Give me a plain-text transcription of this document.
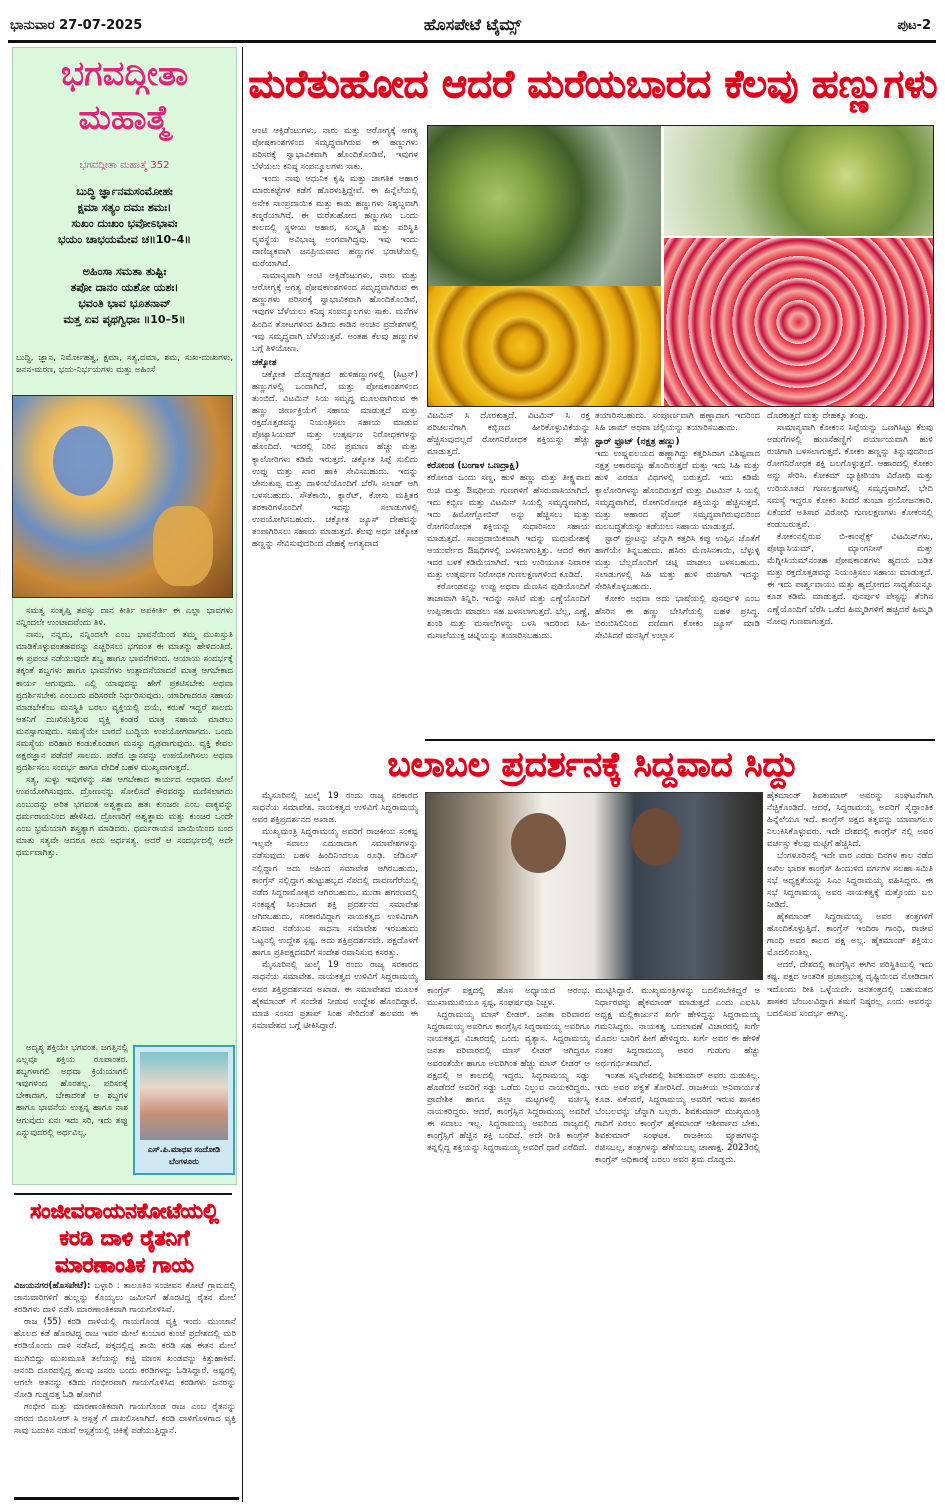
ಭಾನುವಾರ 27-07-2025	ಹೊಸಪೇಟೆ ಟೈಮ್ಸ್	ಪುಟ-2
ಭಗವದ್ಗೀತಾ
ಮಹಾತ್ಮೆ
ಭಗವದ್ಗೀತಾ ಮಹಾತ್ಮೆ 352
ಬುದ್ಧಿ ರ್ಜ್ಞಾನಮಸಂಮೋಹಃ
ಕ್ಷಮಾ ಸತ್ಯಂ ದಮಃ ಶಮಃ।
ಸುಖಂ ದುಃಖಂ ಭವೋಽಭಾವಃ
ಭಯಂ ಚಾಭಯಮೇವ ಚ॥10–4॥
ಅಹಿಂಸಾ ಸಮತಾ ತುಷ್ಟಿಃ
ತಪೋ ದಾನಂ ಯಶೋ ಯಶಃ।
ಭವಂತಿ ಭಾವ ಭೂತನಾವ್
ಮತ್ತ ಏವ ಪೃಥಗ್ವಿಧಾಃ ॥10–5॥

ಬುದ್ಧಿ, ಜ್ಞಾನ, ನಿರ್ಮೋಹತ್ವ, ಕ್ಷಮಾ, ಸತ್ಯ,ದಮಾ, ಶಮ, ಸುಖ-ದುಃಖಗಳು, ಜನನ-ಮರಣ, ಭಯ-ನಿರ್ಭಯಗಳು ಮತ್ತು ಅಹಿಂಸೆ

ಸಮತ್ವ ಸಂತೃಪ್ತಿ ತಪಸ್ಸು ದಾನ ಕೀರ್ತಿ ಅಪಕೀರ್ತಿ ಈ ಎಲ್ಲಾ ಭಾವಗಳು ನನ್ನಿಂದಲೇ ಉಂಟಾದವೆಂದು ತಿಳಿ.

ನಾನು, ನನ್ನದು, ನನ್ನಿಂದಲೇ ಎಂಬ ಭಾವನೆಯಿಂದ ತಮ್ಮ ಮುಖಸ್ತುತಿ ಮಾಡಿಕೊಳ್ಳುವಂತಹವರನ್ನು ಎಚ್ಚರಿಸಲು ಭಗವಂತ ಈ ಮಾತನ್ನು ಹೇಳಿದಂತಿದೆ. ಈ ಪ್ರಪಂಚ ನಡೆಯುವುದೇ ಶಬ್ದ ಹಾಗೂ ಭಾವನೆಗಳಿಂದ. ಆಯಾಯ ಸಂದರ್ಭಕ್ಕೆ ತಕ್ಕಂತೆ ಶಬ್ದಗಳು ಹಾಗೂ ಭಾವನೆಗಳು ಉತ್ಪಾದನೆಯಾದರೆ ಮಾತ್ರ ಆಗಬೇಕಾದ ಕಾರ್ಯ ಆಗುವುದು. ಎಲ್ಲಿ ಯಾವುದನ್ನು ಹೇಗೆ ಪ್ರಕಟಿಸಬೇಕು ಅಥವಾ ಪ್ರದರ್ಶಿಸಬೇಕು ಎಂಬುದು ಪರಿಸರವೇ ನಿರ್ಧರಿಸುವುದು. ಯಾರಿಗಾದರೂ ಸಹಾಯ ಮಾಡಬೇಕೆಂಬ ಮನಸ್ಥಿತಿ ಬರಲು ವ್ಯಕ್ತಿಯಲ್ಲಿ ದಯೆ, ಕರುಣೆ ಇದ್ದರೆ ಸಾಲದು ಆತನಿಗೆ ದುಃಖಿಸುತ್ತಿರುವ ವ್ಯಕ್ತಿ ಕಂಡರೆ ಮಾತ್ರ ಸಹಾಯ ಮಾಡಲು ಮನಸ್ಸಾಗುವುದು. ಸಮಸ್ಯೆಯೇ ಬಾರದೆ ಬುದ್ಧಿಯ ಉಪಯೋಗವಾಗದು. ಒಂದು ಸಮಸ್ಯೆಯ ಪರಿಹಾರ ಕಂಡುಕೊಂಡಾಗ ಮನಸ್ಸು ದೃಢವಾಗುವುದು. ವ್ಯಕ್ತಿ ಕೇವಲ ಅಕ್ಷರಜ್ಞಾನ ಪಡೆದರೆ ಸಾಲದು. ಪಡೆದ ಜ್ಞಾನವನ್ನು ಉಪಯೋಗಿಸಲು ಅಥವಾ ಪ್ರದರ್ಶಿಸಲು ಸಂದರ್ಭ ಹಾಗೂ ವೇದಿಕೆ ಬಹಳ ಮುಖ್ಯವಾಗುತ್ತದೆ.

ಸತ್ಯ, ಸುಳ್ಳು ಇವುಗಳನ್ನು ಸಹ ಆಗಬೇಕಾದ ಕಾರ್ಯದ ಆಧಾರದ ಮೇಲೆ ಉಪಯೋಗಿಸುವುದು. ದ್ರೋಣನನ್ನು ಸೋಲಿಸದೆ ಕೌರವರನ್ನು ಮಣಿಸಲಾಗದು ಎಂಬುದನ್ನು ಅರಿತ ಭಗವಂತ ಅಶ್ವತ್ಥಾಮ ಹತಃ ಕುಂಜರಃ ಎಂಬ ವಾಕ್ಯವನ್ನು ಧರ್ಮರಾಯನಿಂದ ಹೇಳಿಸಿದ. ದ್ರೋಣರಿಗೆ ಅಶ್ವತ್ಥಾಮ ಮತ್ತು ಕುಂಜರ ಒಂದೇ ಎಂಬ ಭ್ರಮೆಯಾಗಿ ಶಸ್ತ್ರತ್ಯಾಗ ಮಾಡಿದರು. ಧರ್ಮರಾಯನ ಬಾಯಿಯಿಂದ ಬಂದ ಮಾತು ಸತ್ಯವೇ ಆದರೂ ಅದು ಅರ್ಧಸತ್ಯ. ಆದರೆ ಆ ಸಂದರ್ಭದಲ್ಲಿ ಅದೇ ಧರ್ಮವಾಗಿತ್ತು.

ಅದೃಶ್ಯ ಶಕ್ತಿಯೇ ಭಗವಂತ. ಜಗತ್ತಿನಲ್ಲಿ ಎಲ್ಲವೂ ಶಕ್ತಿಯ ರೂಪಾಂತರ. ಶಬ್ದಗಳಾಗಲಿ ಅಥವಾ ಕ್ರಿಯೆಯಾಗಲಿ ಇವುಗಳಿಂದ ಹೊರತಲ್ಲ. ಪರಿಸರಕ್ಕೆ ಬೇಕಾದಾಗ, ಬೇಕಾದಂತೆ ಆ ಶಬ್ದಗಳ ಹಾಗೂ ಭಾವನೆಯ ಉತ್ಪನ್ನ ಹಾಗೂ ನಾಶ ಆಗುವುದು ಏನಃ ಇದು ಸರಿ, ಇದು ತಪ್ಪು ಎನ್ನುವುದರಲ್ಲಿ ಅರ್ಥವಿಲ್ಲ.

ಎಸ್.ಪಿ.ಮಾಧವ ಸಂದೋಡಿ
ಬೆಂಗಳೂರು
ಸಂಜೀವರಾಯನಕೋಟೆಯಲ್ಲಿ
ಕರಡಿ ದಾಳಿ ರೈತನಿಗೆ
ಮಾರಣಾಂತಿಕ ಗಾಯ

ವಿಜಯನಗರ(ಹೊಸಪೇಟೆ): ಬಳ್ಳಾರಿ : ತಾಲೂಕಿನ ಸಂಜೀವನ ಕೋಟೆ ಗ್ರಾಮದಲ್ಲಿ ಜಾನುವಾರಿಗಳಿಗೆ ಹುಲ್ಲನ್ನು ಕೊಯ್ಯಲು ಜಮೀನಿಗೆ ಹೊರಟಿದ್ದ ರೈತನ ಮೇಲೆ ಕರಡಿಗಳು ದಾಳಿ ನಡೆಸಿ ಮಾರಣಾಂತಿಕವಾಗಿ ಗಾಯಗೊಳಿಸಿವೆ.

ರಾಜ (55) ಕರಡಿ ದಾಳಿಯಲ್ಲಿ ಗಾಯಗೊಂಡ ವ್ಯಕ್ತಿ ಇಂದು ಮುಂಜಾನೆ ಹೊಲದ ಕಡೆ ಹೊರಟಿದ್ದ ರಾಜ ಇವರ ಮೇಲೆ ಕುಂಬಾರ ಕುಂಟೆ ಪ್ರದೇಶದಲ್ಲಿ ಮರಿ ಕರಡಿಯೊಂದು ದಾಳಿ ನಡೆಸಿದೆ, ಪಕ್ಕದಲ್ಲಿದ್ದ ತಾಯಿ ಕರಡಿ ಸಹ ಈತನ ಮೇಲೆ ಮುಗಿಬಿದ್ದು ಮುಖಮೂತಿ ತಲೆಯನ್ನು ಕಚ್ಚಿ ಮಾಂಸ ಖಂಡವನ್ನು ಕಿತ್ತುಹಾಕಿವೆ. ಆನಂದಿ ದೂರದಲ್ಲಿದ್ದ ಹಲವು ಜನರು ಬಂದು ಕರಡಿಗಳನ್ನು ಓಡಿಸಿದ್ದಾರೆ. ಅಷ್ಟರಲ್ಲಿ ಆಗಲೇ ಆತನನ್ನು ಕಡಿದು ಗಂಭೀರವಾಗಿ ಗಾಯಗೊಳಿಸಿದ ಕರಡಿಗಳು ಜನರನ್ನು ನೋಡಿ ಗುಡ್ಡದತ್ತ ಓಡಿ ಹೋಗಿವೆ

ಗಂಭೀರ ಮತ್ತು ಮಾರಣಾಂತಿಕವಾಗಿ ಗಾಯಗೊಂಡ ರಾಜ ಎಂಬ ರೈತನನ್ನು ನಗರದ ಬಿಎಂಸಿಆರ್ ಸಿ ಆಸ್ಪತ್ರೆ ಗೆ ದಾಖಲಿಸಲಾಗಿದೆ. ಕರಡಿ ದಾಳಿಗೊಳಗಾದ ವ್ಯಕ್ತಿ ಸಾವು ಬದುಕಿನ ನಡುವೆ ಆಸ್ಪತ್ರೆಯಲ್ಲಿ ಚಿಕಿತ್ಸೆ ಪಡೆಯುತ್ತಿದ್ದಾನೆ.

ಮರೆತುಹೋದ ಆದರೆ ಮರೆಯಬಾರದ ಕೆಲವು ಹಣ್ಣುಗಳು

ಆಂಟಿ ಆಕ್ಸಿಡೆಂಟುಗಳು, ನಾರು ಮತ್ತು ಆರೋಗ್ಯಕ್ಕೆ ಅಗತ್ಯ ಪೋಷಕಾಂಶಗಳಿಂದ ಸಮೃದ್ಧವಾಗಿರುವ ಈ ಹಣ್ಣುಗಳು ಪರಿಸರಕ್ಕೆ ಸ್ವಾಭಾವಿಕವಾಗಿ ಹೊಂದಿಕೊಂಡಿವೆ, ಇವುಗಳ ಬೆಳೆಯಲು ಕನಿಷ್ಠ ಸಂಪನ್ಮೂಲಗಳು ಸಾಕು.

ಇಂದು ನಾವು ಆಧುನಿಕ ಕೃಷಿ ಮತ್ತು ಜಾಗತಿಕ ಆಹಾರ ಮಾರುಕಟ್ಟೆಗಳ ಕಡೆಗೆ ಹೊರಳುತ್ತಿದ್ದೇವೆ. ಈ ಹಿನ್ನೆಲೆಯಲ್ಲಿ ಅನೇಕ ಸಾಂಪ್ರದಾಯಿಕ ಮತ್ತು ಕಾಡು ಹಣ್ಣುಗಳು ನಿಶ್ಶಬ್ದವಾಗಿ ಕಣ್ಮರೆಯಾಗಿವೆ. ಈ ಮರೆತುಹೋದ ಹಣ್ಣುಗಳು ಒಂದು ಕಾಲದಲ್ಲಿ ಸ್ಥಳೀಯ ಆಹಾರ, ಸಂಸ್ಕೃತಿ ಮತ್ತು ಪರಿಸ್ಥಿತಿ ವ್ಯವಸ್ಥೆಯ ಅವಿಭಾಜ್ಯ ಅಂಗವಾಗಿದ್ದವು. ಇವು ಇಂದು ವಾಣಿಜ್ಯಕವಾಗಿ ಜನಪ್ರಿಯವಾದ ಹಣ್ಣುಗಳ ಭರಾಟೆಯಲ್ಲಿ ಮರೆಯಾಗಿವೆ.

ಸಾಮಾನ್ಯವಾಗಿ ಆಂಟಿ ಆಕ್ಸಿಡೆಂಟುಗಳು, ನಾರು ಮತ್ತು ಆರೋಗ್ಯಕ್ಕೆ ಅಗತ್ಯ ಪೋಷಕಾಂಶಗಳಿಂದ ಸಮೃದ್ಧವಾಗಿರುವ ಈ ಹಣ್ಣುಗಳು ಪರಿಸರಕ್ಕೆ ಸ್ವಾಭಾವಿಕವಾಗಿ ಹೊಂದಿಕೊಂಡಿವೆ, ಇವುಗಳ ಬೆಳೆಯಲು ಕನಿಷ್ಠ ಸಂಪನ್ಮೂಲಗಳು ಸಾಕು. ಮನೆಗಳ ಹಿಂದಿನ ತೋಟಗಳಿಂದ ಹಿಡಿದು ಕಾಡಿನ ಅಂಚಿನ ಪ್ರದೇಶಗಳಲ್ಲಿ ಇವು ಸಮೃದ್ಧವಾಗಿ ಬೆಳೆಯುತ್ತವೆ. ಅಂತಹ ಕೆಲವು ಹಣ್ಣುಗಳ ಬಗ್ಗೆ ತಿಳಿಯೋಣ.

ಚಕ್ಕೋತ

ಚಕ್ಕೋತ ದೊಡ್ಡಗಾತ್ರದ ಹುಳಿಹಣ್ಣುಗಳಲ್ಲಿ (ಸಿಟ್ರಸ್) ಹಣ್ಣುಗಳಲ್ಲಿ ಒಂದಾಗಿದೆ, ಮತ್ತು ಪೋಷಕಾಂಶಗಳಿಂದ ತುಂಬಿದೆ. ವಿಟಮಿನ್ ಸಿಯ ಸಮೃದ್ಧ ಮೂಲವಾಗಿರುವ ಈ ಹಣ್ಣು ಜೀರ್ಣಕ್ರಿಯೆಗೆ ಸಹಾಯ ಮಾಡುತ್ತದೆ ಮತ್ತು ರಕ್ತದೊತ್ತಡವನ್ನು ನಿಯಂತ್ರಿಸಲು ಸಹಾಯ ಮಾಡುವ ಪೊಟ್ಯಾಸಿಯಮ್ ಮತ್ತು ಉತ್ಕರ್ಷಣ ನಿರೋಧಕಗಳನ್ನು ಹೊಂದಿದೆ. ಇದರಲ್ಲಿ ನಿರಿನ ಪ್ರಮಾಣ ಹೆಚ್ಚು ಮತ್ತು ಕ್ಯಾಲೋರಿಗಳು ಕಡಿಮೆ ಇರುತ್ತದೆ. ಚಕ್ಕೋತ ಸಿಪ್ಪೆ ಸುಲಿದು ಉಪ್ಪು ಮತ್ತು ಖಾರ ಹಾಕಿ ಸೇವಿಸಬಹುದು. ಇದನ್ನು ಜೇನುತುಪ್ಪ ಮತ್ತು ದಾಳಿಂಬೆಯೊಂದಿಗೆ ಬೆರೆಸಿ ಸಲಾಡ್ ಆಗಿ ಬಳಸಬಹುದು. ಸೌತೆಕಾಯಿ, ಕ್ಯಾರೆಟ್, ಕೋಸು ಮತ್ತಿತರ ತರಕಾರಿಗಳೊಂದಿಗೆ ಇದನ್ನು ಸಲಾಡುಗಳಲ್ಲಿ ಉಪಯೋಗಿಸಬಹುದು. ಚಕ್ಕೋತ ಜ್ಯೂಸ್ ದೇಹವನ್ನು ತಂಪಾಗಿರಿಸಲು ಸಹಾಯ ಮಾಡುತ್ತದೆ. ಕೆಲವು ಅರ್ಧ ಚಕ್ಕೋತ ಹಣ್ಣನ್ನು ಸೇವಿಸುವುದರಿಂದ ದೇಹಕ್ಕೆ ಅಗತ್ಯವಾದ

ವಿಟಮಿನ್ ಸಿ ದೊರಕುತ್ತದೆ. ವಿಟಮಿನ್ ಸಿ ರಕ್ತ ಪರಿಚಲನೆಗಾಗಿ ಕಬ್ಬಿಣದ ಹೀರಿಕೊಳ್ಳುವಿಕೆಯನ್ನು ಹೆಚ್ಚಿಸುವುದಲ್ಲದೆ ರೋಗನಿರೋಧಕ ಶಕ್ತಿಯನ್ನು ಹೆಚ್ಚು ಮಾಡುತ್ತದೆ.

ಕರೋಂಡ (ಬಂಗಾಳ ಒಣದ್ರಾಕ್ಷಿ)

ಕರೋಂಡ ಒಂದು ಸಣ್ಣ, ಹುಳಿ ಹಣ್ಣು ಮತ್ತು ತೀಕ್ಷ್ಣವಾದ ರುಚಿ ಮತ್ತು ಔಷಧೀಯ ಗುಣಗಳಿಗೆ ಹೆಸರುವಾಸಿಯಾಗಿದೆ. ಇದು ಕಬ್ಬಿಣ ಮತ್ತು ವಿಟಮಿನ್ ಸಿಯಲ್ಲಿ ಸಮೃದ್ಧವಾಗಿದೆ, ಇದು ಹಿಮೋಗ್ಲೋಬಿನ್ ಅನ್ನು ಹೆಚ್ಚಿಸಲು ಮತ್ತು ರೋಗನಿರೋಧಕ ಶಕ್ತಿಯನ್ನು ಸುಧಾರಿಸಲು ಸಹಾಯ ಮಾಡುತ್ತದೆ. ಸಾಂಪ್ರದಾಯಿಕವಾಗಿ ಇದನ್ನು ಮಧುಮೇಹಕ್ಕೆ ಆಯುರ್ವೇದ ಔಷಧಿಗಳಲ್ಲಿ ಬಳಸಲಾಗುತ್ತಿತ್ತು. ಆದರೆ ಈಗ ಇದರ ಬಳಕೆ ಕಡಿಮೆಯಾಗಿದೆ. ಇದು ಉರಿಯೂತ ನಿವಾರಕ ಮತ್ತು ಉತ್ಕರ್ಷಣ ನಿರೋಧಕ ಗುಣಲಕ್ಷಣಗಳಿಂದ ಕೂಡಿದೆ.

ಕರೋಂಡವನ್ನು ಉಪ್ಪು ಅಥವಾ ಮೆಣಸಿನ ಪುಡಿಯೊಂದಿಗೆ ತಾಜಾವಾಗಿ ತಿನ್ನಿರಿ. ಇದನ್ನು ಸಾಸಿವೆ ಮತ್ತು ಎಣ್ಣೆಯೊಂದಿಗೆ ಉಪ್ಪಿನಕಾಯಿ ಮಾಡಲು ಸಹ ಬಳಸಲಾಗುತ್ತದೆ. ಬೆಲ್ಲ, ಎಣ್ಣೆ, ಶುಂಠಿ ಮತ್ತು ಮಸಾಲೆಗಳನ್ನು ಬಳಸಿ ಇದರಿಂದ ಸಿಹಿ-ಮಸಾಲೆಯುಕ್ತ ಚಟ್ನಿಯನ್ನು ತಯಾರಿಸಬಹುದು.

ತಯಾರಿಸಬಹುದು. ಸಂಪೂರ್ಣವಾಗಿ ಹಣ್ಣಾದಾಗ ಇದರಿಂದ ಸಿಹಿ ಜಾಮ್ ಅಥವಾ ಜೆಲ್ಲಿಯನ್ನು ತಯಾರಿಸಬಹುದು.

ಸ್ಟಾರ್ ಫ್ರೂಟ್ (ನಕ್ಷತ್ರ ಹಣ್ಣು)

ಇದು ಉಷ್ಣವಲಯದ ಹಣ್ಣಾಗಿದ್ದು ಕತ್ತರಿಸಿದಾಗ ವಿಶಿಷ್ಟವಾದ ನಕ್ಷತ್ರ ಆಕಾರವನ್ನು ಹೊಂದಿರುತ್ತದೆ ಮತ್ತು ಇದು ಸಿಹಿ ಮತ್ತು ಹುಳಿ ಎರಡೂ ವಿಧಗಳಲ್ಲಿ ಬರುತ್ತದೆ. ಇದು ಕಡಿಮೆ ಕ್ಯಾಲೋರಿಗಳನ್ನು ಹೊಂದಿರುತ್ತದೆ ಮತ್ತು ವಿಟಮಿನ್ ಸಿ ಯಲ್ಲಿ ಸಮೃದ್ಧವಾಗಿದೆ, ರೋಗನಿರೋಧಕ ಶಕ್ತಿಯನ್ನು ಹೆಚ್ಚಿಸುತ್ತದೆ. ಮತ್ತು ಆಹಾರದ ಫೈಬರ್ ಸಮೃದ್ಧವಾಗಿರುವುದರಿಂದ ಮಲಬದ್ಧತೆಯನ್ನು ತಡೆಯಲು ಸಹಾಯ ಮಾಡುತ್ತದೆ.

ಸ್ಟಾರ್ ಫ್ರೂಟನ್ನು ಚೆನ್ನಾಗಿ ಕತ್ತರಿಸಿ ಕಪ್ಪು ಉಪ್ಪಿನ ಜೊತೆಗೆ ಹಾಗೆಯೇ ತಿನ್ನಬಹುದು. ಹಸಿರು ಮೆಣಸಿನಕಾಯಿ, ಬೆಳ್ಳುಳ್ಳಿ ಮತ್ತು ಬೆಲ್ಲದೊಂದಿಗೆ ಚಟ್ನಿ ಮಾಡಲು ಬಳಸಬಹುದು. ಸಲಾಡುಗಳಲ್ಲಿ ಸಿಹಿ ಮತ್ತು ಹುಳಿ ರುಚಿಗಾಗಿ ಇದನ್ನು ಸೇರಿಸಿಕೊಳ್ಳಬಹುದು.

ಕೋಕಂ ಅಥವಾ ಅದು ಭಾಷೆಯಲ್ಲಿ ಪುನರ್ಪುಳಿ ಎಂಬ ಹೆಸರಿನ ಈ ಹಣ್ಣು ಬೇಸಿಗೆಯಲ್ಲಿ ಬಹಳ ಪ್ರಸಿದ್ಧ. ಬಿರುಬಿಸಿಲಿನಿಂದ ದಣಿದಾಗ ಕೋಕಂ ಜ್ಯೂಸ್ ಮಾಡಿ ಸೇವಿಸಿದರೆ ಮನಸ್ಸಿಗೆ ಉಲ್ಲಾಸ

ದೊರಕುತ್ತದೆ ಮತ್ತು ದೇಹಕ್ಕೂ ತಂಪು.

ಸಾಮಾನ್ಯವಾಗಿ ಕೋಕಂನ ಸಿಪ್ಪೆಯನ್ನು ಒಣಗಿಸಿಟ್ಟು ಕೆಲವು ಅಡುಗೆಗಳಲ್ಲಿ ಹುಣಸೆಹಣ್ಣಿಗೆ ಪರ್ಯಾಯವಾಗಿ ಹುಳಿ ರುಚಿಗಾಗಿ ಬಳಸಲಾಗುತ್ತದೆ. ಕೋಕಂ ಹಣ್ಣನ್ನು ತಿನ್ನುವುದರಿಂದ ರೋಗನಿರೋಧಕ ಶಕ್ತಿ ಬಲಗೊಳ್ಳುತ್ತದೆ. ಆಹಾರದಲ್ಲಿ ಕೋಕಂ ಅನ್ನು ಸೇರಿಸಿ. ಕೋಕಮ್ ಬ್ಯಾಕ್ಟೀರಿಯಾ ವಿರೋಧಿ ಮತ್ತು ಉರಿಯೂತದ ಗುಣಲಕ್ಷಣಗಳಲ್ಲಿ ಸಮೃದ್ಧವಾಗಿದೆ. ಭೇದಿ ಸಮಸ್ಯೆ ಇದ್ದರೂ ಕೋಕಂ ತಿಂದರೆ ತುಂಬಾ ಪ್ರಯೋಜನಕಾರಿ. ಏಕೆಂದರೆ ಅತಿಸಾರ ವಿರೋಧಿ ಗುಣಲಕ್ಷಣಗಳು ಕೋಕಂನಲ್ಲಿ ಕಂಡುಬರುತ್ತವೆ.

ಕೋಕಂನಲ್ಲಿರುವ ಬಿ-ಕಾಂಪ್ಲೆಕ್ಸ್ ವಿಟಮಿನ್‌ಗಳು, ಪೊಟ್ಯಾಸಿಯಮ್, ಮ್ಯಾಂಗನೀಸ್ ಮತ್ತು ಮೆಗ್ನೀಸಿಯಮ್‌ನಂತಹ ಪೋಷಕಾಂಶಗಳು ಹೃದಯ ಬಡಿತ ಮತ್ತು ರಕ್ತದೊತ್ತಡವನ್ನು ನಿಯಂತ್ರಿಸಲು ಸಹಾಯ ಮಾಡುತ್ತದೆ. ಈ ಇದು ಪಾರ್ಶ್ವವಾಯು ಮತ್ತು ಹೃದ್ರೋಗದ ಸಾಧ್ಯತೆಯನ್ನೂ ಕೂಡ ಕಡಿಮೆ ಮಾಡುತ್ತದೆ. ಪುನರ್ಪುಳಿ ಪೇಸ್ಟನ್ನು ತೆಂಗಿನ ಎಣ್ಣೆಯೊಂದಿಗೆ ಬೆರೆಸಿ ಒಡೆದ ಹಿಮ್ಮಡಿಗಳಿಗೆ ಹಚ್ಚಿದರೆ ಹಿಮ್ಮಡಿ ನೋವು ಗುಣವಾಗುತ್ತದೆ.

ಬಲಾಬಲ ಪ್ರದರ್ಶನಕ್ಕೆ ಸಿದ್ದವಾದ ಸಿದ್ದು

ಮೈಸೂರಿನಲ್ಲಿ ಜುಲೈ 19 ರಂದು ರಾಜ್ಯ ಸರಕಾರದ ಸಾಧನೆಯ ಸಮಾವೇಶ. ನಾಯಕತ್ವದ ಉಳಿವಿಗೆ ಸಿದ್ದರಾಮಯ್ಯ ಅವರ ಶಕ್ತಿಪ್ರದರ್ಶನದ ಅಖಾಡ.

ಮುಖ್ಯಮಂತ್ರಿ ಸಿದ್ದರಾಮಯ್ಯ ಅವರಿಗೆ ರಾಜಕೀಯ ಸಂಕಷ್ಟ ಇಲ್ಲವೇ ಸವಾಲು ಎದುರಾದಾಗ ಸಮಾವೇಶಗಳನ್ನು ನಡೆಸುವುದು ಬಹಳ ಹಿಂದಿನಿಂದಲೂ ರೂಢಿ. ಜೆಡಿಎಸ್ ನಲ್ಲಿದ್ದಾಗ ಅದು ಅಹಿಂದ ಸಮಾವೇಶ ಆಗಿರಬಹುದು, ಕಾಂಗ್ರೆಸ್ ನಲ್ಲಿದ್ದಾಗ ಹುಟ್ಟುಹಬ್ಬದ ನೆಪದಲ್ಲಿ ದಾವಣಗೆರೆಯಲ್ಲಿ ನಡೆದ ಸಿದ್ದರಾಮೋತ್ಸವ ಆಗಿರಬಹುದು, ಮುಡಾ ಹಗರಣದಲ್ಲಿ ಸಂಕಷ್ಟಕ್ಕೆ ಸಿಲುಕಿದಾಗ ಶಕ್ತಿ ಪ್ರದರ್ಶನದ ಸಮಾವೇಶ ಆಗಿರಬಹುದು, ಸರಕಾರವಿದ್ದಾಗ ನಾಯಕತ್ವದ ಉಳಿವಿಗಾಗಿ ಶನಿವಾರ ನಡೆಯುವ ಸಾಧನಾ ಸಮಾವೇಶ ಇರಬಹುದು ಒಟ್ಟನಲ್ಲಿ ಉದ್ದೇಶ ಸ್ಪಷ್ಟ. ಅದು ಶಕ್ತಿಪ್ರದರ್ಶನವೇ. ಪಕ್ಷದೊಳಗೆ ಹಾಗೂ ಪ್ರತಿಪಕ್ಷದವರಿಗೆ ಸಂದೇಶ ರವಾನಿಸುವ ಕಸರತ್ತು.

ಮೈಸೂರಿನಲ್ಲಿ ಜುಲೈ 19 ರಂದು ರಾಜ್ಯ ಸರಕಾರದ ಸಾಧನೆಯ ಸಮಾವೇಶ. ನಾಯಕತ್ವದ ಉಳಿವಿಗೆ ಸಿದ್ದರಾಮಯ್ಯ ಅವರ ಶಕ್ತಿಪ್ರದರ್ಶನದ ಅಖಾಡ. ಈ ಸಮಾವೇಶದ ಮೂಲಕ ಹೈಕಮಾಂಡ್ ಗೆ ಸಂದೇಶ ನೀಡುವ ಉದ್ದೇಶ ಹೊಂದಿದ್ದಾರೆ. ಮಾಜಿ ಸಂಸದ ಪ್ರತಾಪ್ ಸಿಂಹ ಸೇರಿದಂತೆ ಹಲವರು ಈ ಸಮಾವೇಶದ ಬಗ್ಗೆ ಟೀಕಿಸಿದ್ದಾರೆ.

ಕಾಂಗ್ರೆಸ್ ಪಕ್ಷದಲ್ಲಿ ಹೊಸ ಅಧ್ಯಾಯದ ಆರಂಭ. ಮುಖಾಮುಖಿಯೂ ಸ್ಪಷ್ಟ, ಸಂಘರ್ಷವೂ ನಿಚ್ಚಳ.

ಸಿದ್ದರಾಮಯ್ಯ ಮಾಸ್ ಲೀಡರ್. ಜನತಾ ಪರಿವಾರದ ಸಿದ್ದರಾಮಯ್ಯ ಅವರಿಗೂ ಕಾಂಗ್ರೆಸ್ಸಿನ ಸಿದ್ದರಾಮಯ್ಯ ಅವರಿಗೂ ನಾಯಕತ್ವದ ವಿಚಾರದಲ್ಲಿ ಒಂದು ವ್ಯತ್ಯಾಸ. ಸಿದ್ದರಾಮಯ್ಯ ಜನತಾ ಪರಿವಾರದಲ್ಲಿ ಮಾಸ್ ಲೀಡರ್ ಆಗಿದ್ದರೂ ಅವರಂತೆಯೇ ಹಾಗೂ ಅವರಿಗಿಂತ ಹೆಚ್ಚು ಮಾಸ್ ಲೀಡರ್ ಆ ಪಕ್ಷದಲ್ಲಿ ಆ ಕಾಲದಲ್ಲಿ ಇದ್ದರು. ಸಿದ್ದರಾಮಯ್ಯ ಸಡ್ಡು ಹೊಡೆದರೆ ಅವರಿಗೆ ಸಡ್ಡು ಒಡೆದು ನಿಲ್ಲುವ ನಾಯಕರಿದ್ದರು. ಪ್ರಾದೇಶಿಕ ಹಾಗೂ ಜಿಲ್ಲಾ ಮಟ್ಟಗಳಲ್ಲಿ ವರ್ಚಸ್ವಿ ನಾಯಕರಿದ್ದರು. ಆದರೆ, ಕಾಂಗ್ರೆಸ್ಸಿನ ಸಿದ್ದರಾಮಯ್ಯ ಅವರಿಗೆ ಈ ಸವಾಲು ಇಲ್ಲ. ಸಿದ್ದರಾಮಯ್ಯ ಅವರಿಂದ ರಾಜ್ಯದಲ್ಲಿ ಕಾಂಗ್ರೆಸ್ಸಿಗೆ ಹೆಚ್ಚಿನ ಶಕ್ತಿ ಬಂದಿದೆ. ಅದೇ ರೀತಿ ಕಾಂಗ್ರೆಸ್ ತನ್ನಲ್ಲಿದ್ದ ಶಕ್ತಿಯನ್ನು ಸಿದ್ದರಾಮಯ್ಯ ಅವರಿಗೆ ಧಾರೆ ಎರೆದಿದೆ.

ಮುಟ್ಟಿಸಿದ್ದಾರೆ. ಮುಖ್ಯಮಂತ್ರಿಗಳನ್ನು ಬದಲಿಸಬೇಕಿದ್ದರೆ ಆ ನಿರ್ಧಾರವನ್ನು ಹೈಕಮಾಂಡ್ ಮಾಡುತ್ತದೆ ಎಂದು ಎಐಸಿಸಿ ಅಧ್ಯಕ್ಷ ಮಲ್ಲಿಕಾರ್ಜುನ ಖರ್ಗೆ ಹೇಳಿದ್ದನ್ನು ಸಿದ್ದರಾಮಯ್ಯ ಗಮನಿಸಿದ್ದರು. ನಾಯಕತ್ವ ಬದಲಾವಣೆ ವಿಚಾರದಲ್ಲಿ ಖರ್ಗೆ ಮೊದಲ ಬಾರಿಗೆ ಹೀಗೆ ಹೇಳಿದ್ದರು. ಖರ್ಗೆ ಅವರ ಈ ಹೇಳಿಕೆ ನಂತರ ಸಿದ್ದರಾಮಯ್ಯ ಅವರ ಗುಡುಗು ಹೆಚ್ಚು ಅರ್ಥಗರ್ಭಿತವಾಗಿದೆ.

ಇಂತಹ ಸನ್ನಿವೇಶದಲ್ಲಿ ಶಿವಕುಮಾರ್ ಅವರು ದುಡುಕಿಲ್ಲ. ಇದು ಅವರ ಪಕ್ವತೆ ತೋರಿಸಿದೆ. ರಾಜಕೀಯ ಅನಿವಾರ್ಯತೆ ಕೂಡ. ಏಕೆಂದರೆ, ಸಿದ್ದರಾಮಯ್ಯ ಅವರಿಗೆ ಇರುವ ಶಾಸಕರ ಬೆಂಬಲವನ್ನು ಚೆನ್ನಾಗಿ ಬಲ್ಲರು. ಶಿವಕುಮಾರ್ ಮುಖ್ಯಮಂತ್ರಿ ಗಾದಿಗೆ ಏರಲು ಕಾಂಗ್ರೆಸ್ ಹೈಕಮಾಂಡ್ ಆಶೀರ್ವಾದ ಬೇಕು. ಶಿವಕುಮಾರ್ ಸಂಘಟಕ. ರಾಜಕೀಯ ವ್ಯೂಹಗಳನ್ನು ರಚಿಸಬಲ್ಲ, ತಂತ್ರಗಳನ್ನು ಹೆಣೆಯಬಲ್ಲ ಚಾಣಾಕ್ಷ. 2023ರಲ್ಲಿ ಕಾಂಗ್ರೆಸ್ ಅಧಿಕಾರಕ್ಕೆ ಬರಲು ಅವರ ಶ್ರಮ ದೊಡ್ಡದು.

ಹೈಕಮಾಂಡ್ ಶಿವಕುಮಾರ್ ಅವರನ್ನು ಸಂಘಟನೆಗಾಗಿ ನೆಚ್ಚಿಕೊಂಡಿದೆ. ಆದರೆ, ಸಿದ್ದರಾಮಯ್ಯ ಅವರಿಗೆ ಸೈದ್ಧಾಂತಿಕ ಹಿನ್ನೆಲೆಯೂ ಇದೆ. ಕಾಂಗ್ರೆಸ್ ಪಕ್ಷದ ತತ್ವವನ್ನು ಯಾವಾಗಲೂ ನಿಲುಕಿಸಿಕೊಳ್ಳುವರು. ಇದೇ ದೇಶದಲ್ಲಿ ಕಾಂಗ್ರೆಸ್ ನಲ್ಲಿ ಅವರ ವರ್ಚಸ್ಸು ಕೆಲವು ಮಟ್ಟಿಗೆ ಹೆಚ್ಚಿಸಿದೆ.

ಬೆಂಗಳೂರಿನಲ್ಲಿ ಇದೇ ವಾರ ಎರಡು ದಿನಗಳ ಕಾಲ ನಡೆದ ಅಖಿಲ ಭಾರತ ಕಾಂಗ್ರೆಸ್ ಹಿಂದುಳಿದ ವರ್ಗಗಳ ಸಲಹಾ ಸಮಿತಿ ಸಭೆ ಅಧ್ಯಕ್ಷತೆಯನ್ನು ಸಿಎಂ ಸಿದ್ದರಾಮಯ್ಯ ವಹಿಸಿದ್ದರು. ಈ ಸಭೆ ಸಿದ್ದರಾಮಯ್ಯ ಅವರ ನಾಯಕತ್ವಕ್ಕೆ ಮತ್ತೊಂದು ಬಲ ನೀಡಿದೆ.

ಹೈಕಮಾಂಡ್ ಸಿದ್ದರಾಮಯ್ಯ ಅವರ ತಂತ್ರಗಳಿಗೆ ಹೊಂದಿಕೊಳ್ಳುತ್ತಿದೆ. ಕಾಂಗ್ರೆಸ್ ಇಂದಿರಾ ಗಾಂಧಿ, ರಾಜೀವ ಗಾಂಧಿ ಅವರ ಕಾಲದ ಪಕ್ಷ ಅಲ್ಲ. ಹೈಕಮಾಂಡ್ ಶಕ್ತಿಯು ಮೊದಲಿನಂತಿಲ್ಲ.

ಆದರೆ, ದೇಶದಲ್ಲಿ ಕಾಂಗ್ರೆಸ್ಸಿನ ಈಗಿನ ಪರಿಸ್ಥಿತಿಯಲ್ಲಿ ಇದು ಕಷ್ಟ. ಪಕ್ಷದ ಆಂತರಿಕ ಪ್ರಜಾಪ್ರಭುತ್ವ ದೃಷ್ಟಿಯಿಂದ ನೋಡಿದಾಗ ಇದೊಂದು ರೀತಿ ಒಳ್ಳೆಯದೇ. ಜನತಂತ್ರದಲ್ಲಿ ಬಹುಮತದ ಶಾಸಕರ ಬೆಂಬಲವಿದ್ದಾಗ ತಮಗೆ ನಿಷ್ಠರಲ್ಲ ಎಂದು ಅವರನ್ನು ಬದಲಿಸುವ ಸಂದರ್ಭ ಈಗಿಲ್ಲ.
